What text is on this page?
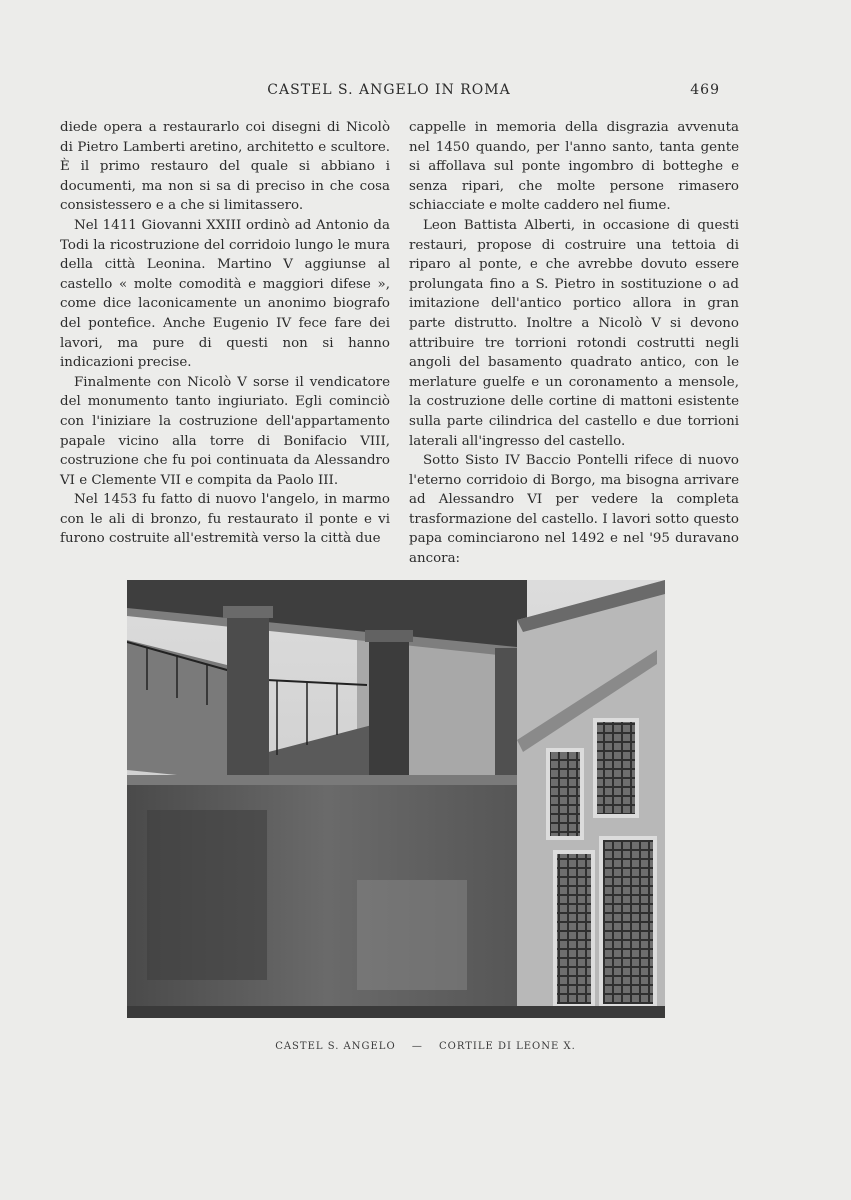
CASTEL S. ANGELO IN ROMA	469

diede opera a restaurarlo coi disegni di Nicolò di Pietro Lamberti aretino, architetto e scultore. È il primo restauro del quale si abbiano i documenti, ma non si sa di preciso in che cosa consistessero e a che si limitassero.

Nel 1411 Giovanni XXIII ordinò ad Antonio da Todi la ricostruzione del corridoio lungo le mura della città Leonina. Martino V aggiunse al castello « molte comodità e maggiori difese », come dice laconicamente un anonimo biografo del pontefice. Anche Eugenio IV fece fare dei lavori, ma pure di questi non si hanno indicazioni precise.

Finalmente con Nicolò V sorse il vendicatore del monumento tanto ingiuriato. Egli cominciò con l'iniziare la costruzione dell'appartamento papale vicino alla torre di Bonifacio VIII, costruzione che fu poi continuata da Alessandro VI e Clemente VII e compita da Paolo III.

Nel 1453 fu fatto di nuovo l'angelo, in marmo con le ali di bronzo, fu restaurato il ponte e vi furono costruite all'estremità verso la città due

cappelle in memoria della disgrazia avvenuta nel 1450 quando, per l'anno santo, tanta gente si affollava sul ponte ingombro di botteghe e senza ripari, che molte persone rimasero schiacciate e molte caddero nel fiume.

Leon Battista Alberti, in occasione di questi restauri, propose di costruire una tettoia di riparo al ponte, e che avrebbe dovuto essere prolungata fino a S. Pietro in sostituzione o ad imitazione dell'antico portico allora in gran parte distrutto. Inoltre a Nicolò V si devono attribuire tre torrioni rotondi costrutti negli angoli del basamento quadrato antico, con le merlature guelfe e un coronamento a mensole, la costruzione delle cortine di mattoni esistente sulla parte cilindrica del castello e due torrioni laterali all'ingresso del castello.

Sotto Sisto IV Baccio Pontelli rifece di nuovo l'eterno corridoio di Borgo, ma bisogna arrivare ad Alessandro VI per vedere la completa trasformazione del castello. I lavori sotto questo papa cominciarono nel 1492 e nel '95 duravano ancora:

CASTEL S. ANGELO — CORTILE DI LEONE X.
